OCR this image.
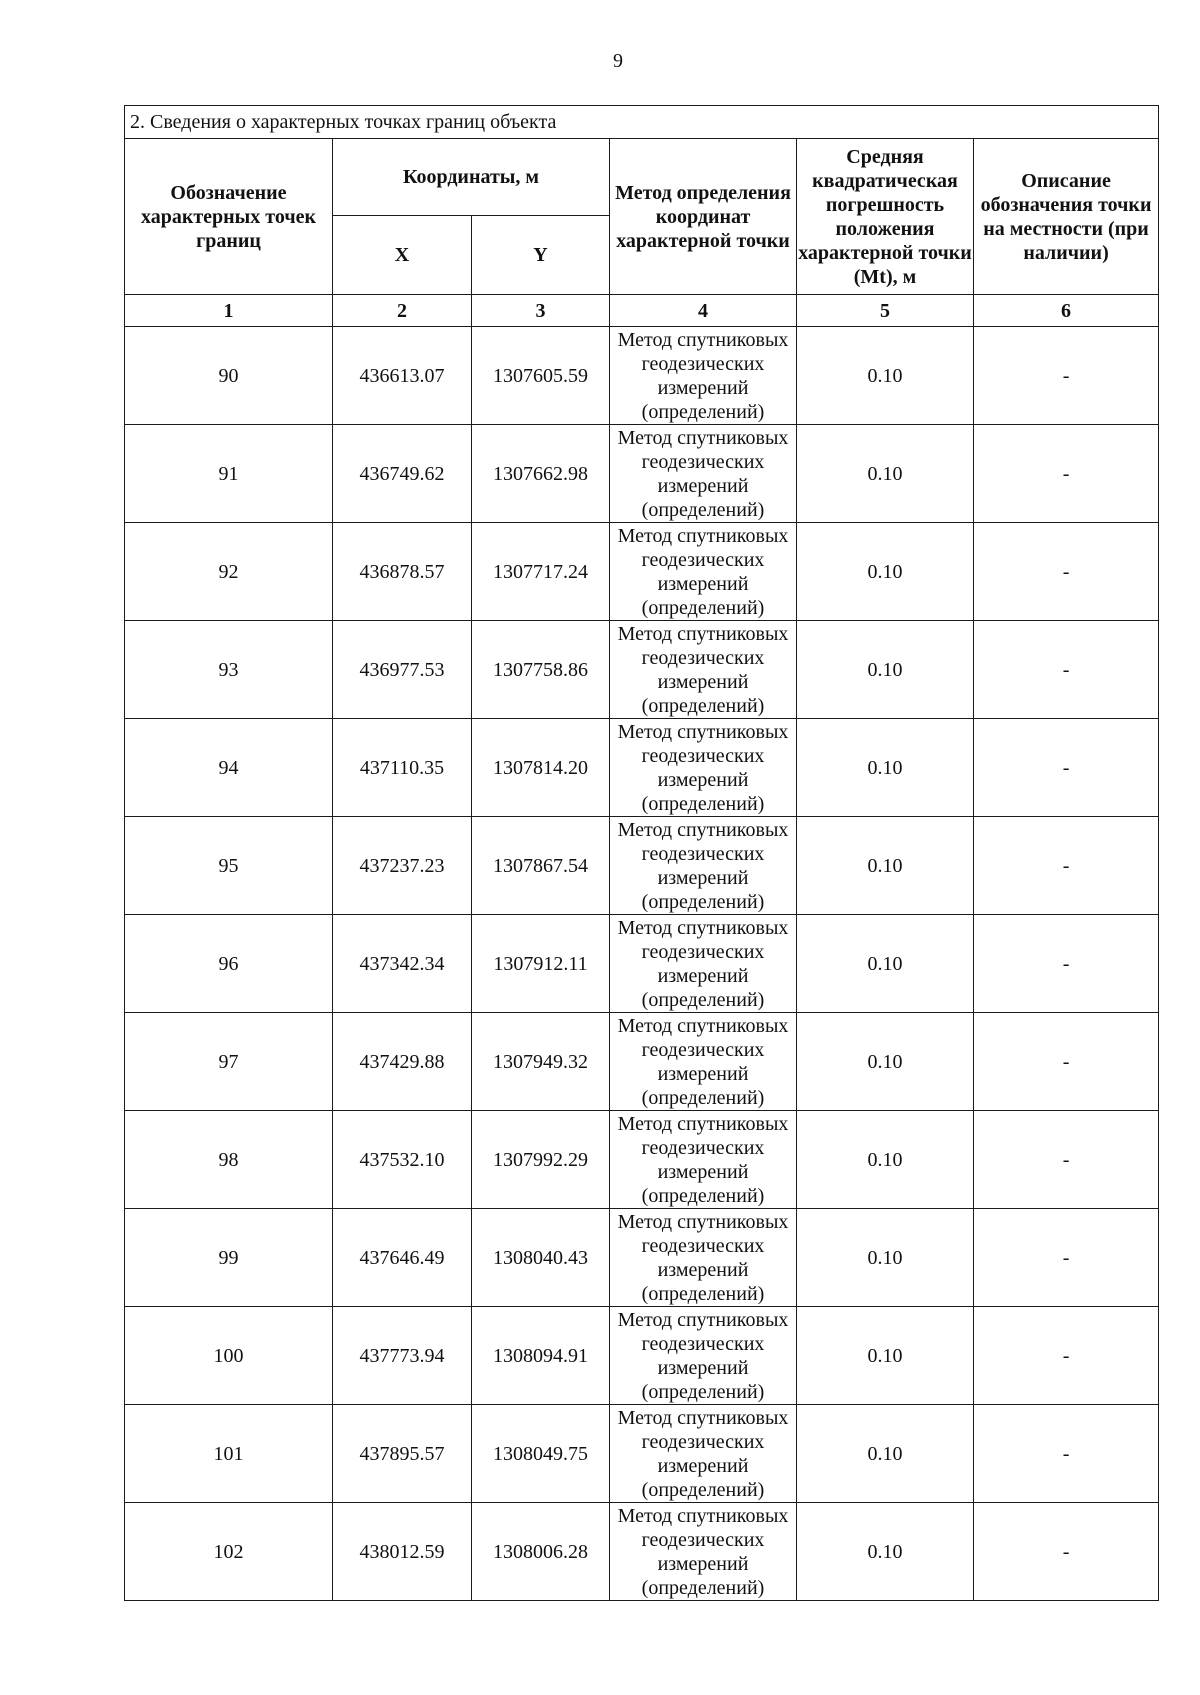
9
2. Сведения о характерных точках границ объекта					
Обозначение характерных точек границ	Координаты, м		Метод определения координат характерной точки	Средняя квадратическая погрешность положения характерной точки (Mt), м	Описание обозначения точки на местности (при наличии)
	X	Y			
1	2	3	4	5	6
90	436613.07	1307605.59	Метод спутниковых геодезических измерений (определений)	0.10	-
91	436749.62	1307662.98	Метод спутниковых геодезических измерений (определений)	0.10	-
92	436878.57	1307717.24	Метод спутниковых геодезических измерений (определений)	0.10	-
93	436977.53	1307758.86	Метод спутниковых геодезических измерений (определений)	0.10	-
94	437110.35	1307814.20	Метод спутниковых геодезических измерений (определений)	0.10	-
95	437237.23	1307867.54	Метод спутниковых геодезических измерений (определений)	0.10	-
96	437342.34	1307912.11	Метод спутниковых геодезических измерений (определений)	0.10	-
97	437429.88	1307949.32	Метод спутниковых геодезических измерений (определений)	0.10	-
98	437532.10	1307992.29	Метод спутниковых геодезических измерений (определений)	0.10	-
99	437646.49	1308040.43	Метод спутниковых геодезических измерений (определений)	0.10	-
100	437773.94	1308094.91	Метод спутниковых геодезических измерений (определений)	0.10	-
101	437895.57	1308049.75	Метод спутниковых геодезических измерений (определений)	0.10	-
102	438012.59	1308006.28	Метод спутниковых геодезических измерений (определений)	0.10	-
